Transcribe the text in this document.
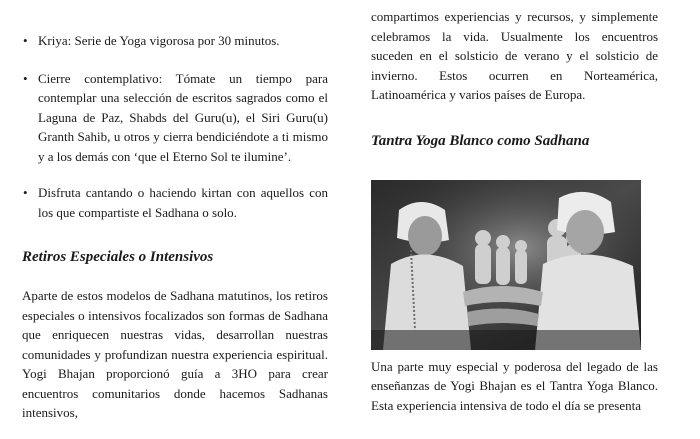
• Kriya: Serie de Yoga vigorosa por 30 minutos.
• Cierre contemplativo: Tómate un tiempo para contemplar una selección de escritos sagrados como el Laguna de Paz, Shabds del Guru(u), el Siri Guru(u) Granth Sahib, u otros y cierra bendiciéndote a ti mismo y a los demás con ‘que el Eterno Sol te ilumine’.
• Disfruta cantando o haciendo kirtan con aquellos con los que compartiste el Sadhana o solo.
Retiros Especiales o Intensivos

Aparte de estos modelos de Sadhana matutinos, los retiros especiales o intensivos focalizados son formas de Sadhana que enriquecen nuestras vidas, desarrollan nuestras comunidades y profundizan nuestra experiencia espiritual. Yogi Bhajan proporcionó guía a 3HO para crear encuentros comunitarios donde hacemos Sadhanas intensivos,

compartimos experiencias y recursos, y simplemente celebramos la vida. Usualmente los encuentros suceden en el solsticio de verano y el solsticio de invierno. Estos ocurren en Norteamérica, Latinoamérica y varios países de Europa.

Tantra Yoga Blanco como Sadhana

Una parte muy especial y poderosa del legado de las enseñanzas de Yogi Bhajan es el Tantra Yoga Blanco. Esta experiencia intensiva de todo el día se presenta
